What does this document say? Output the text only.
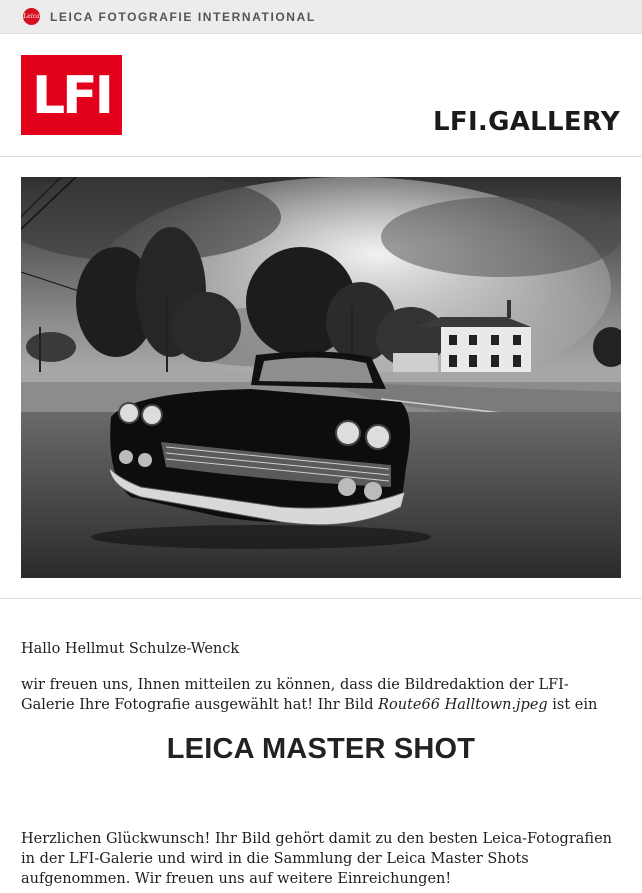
Leica LEICA FOTOGRAFIE INTERNATIONAL
LFI	LFI.GALLERY

Hallo Hellmut Schulze-Wenck

wir freuen uns, Ihnen mitteilen zu können, dass die Bildredaktion der LFI-Galerie Ihre Fotografie ausgewählt hat! Ihr Bild Route66 Halltown.jpeg ist ein

LEICA MASTER SHOT

Herzlichen Glückwunsch! Ihr Bild gehört damit zu den besten Leica-Fotografien in der LFI-Galerie und wird in die Sammlung der Leica Master Shots aufgenommen. Wir freuen uns auf weitere Einreichungen!
